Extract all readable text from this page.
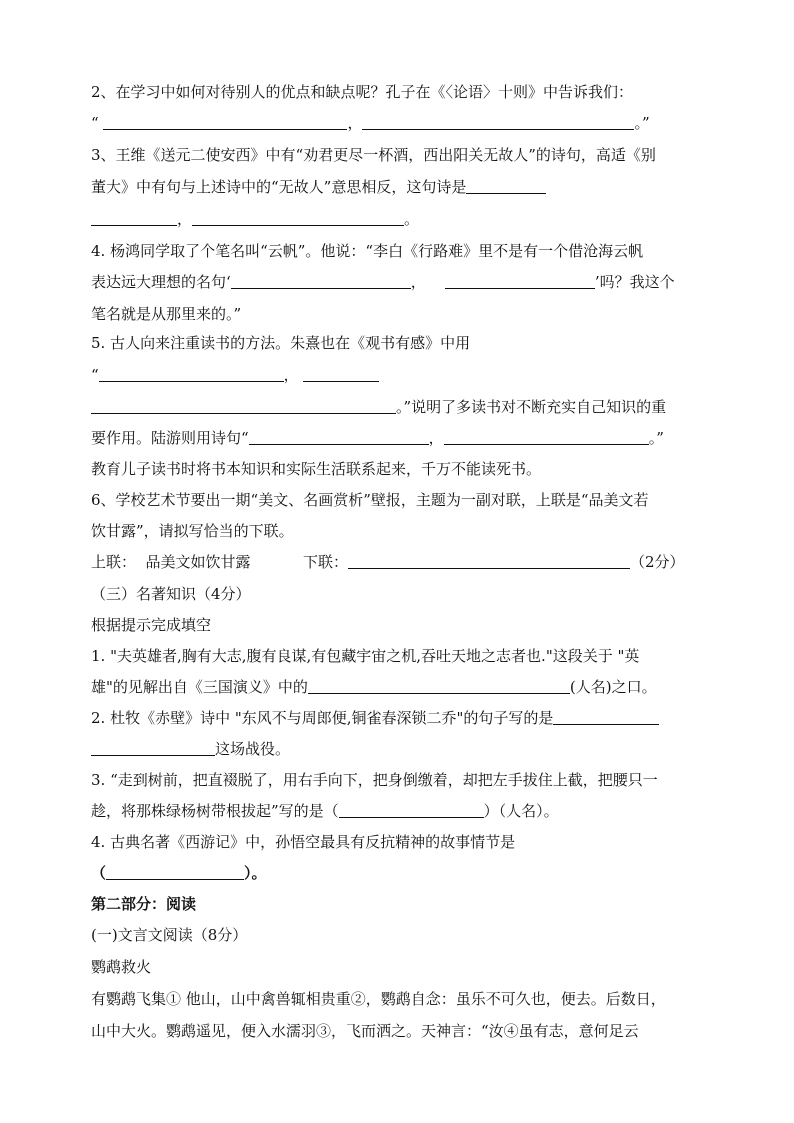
2、在学习中如何对待别人的优点和缺点呢？孔子在《〈论语〉十则》中告诉我们：
“	，	。”
3、王维《送元二使安西》中有“劝君更尽一杯酒，西出阳关无故人”的诗句，高适《别
董大》中有句与上述诗中的“无故人”意思相反，这句诗是
，	。
4. 杨鸿同学取了个笔名叫“云帆”。他说：“李白《行路难》里不是有一个借沧海云帆
表达远大理想的名句‘	，	’吗？我这个
笔名就是从那里来的。”
5. 古人向来注重读书的方法。朱熹也在《观书有感》中用
“	，
。”说明了多读书对不断充实自己知识的重
要作用。陆游则用诗句“	，	。”
教育儿子读书时将书本知识和实际生活联系起来，千万不能读死书。
6、学校艺术节要出一期“美文、名画赏析”壁报，主题为一副对联，上联是“品美文若
饮甘露”，请拟写恰当的下联。
上联：  品美文如饮甘露	下联：	（2分）
（三）名著知识（4分）
根据提示完成填空
1. "夫英雄者,胸有大志,腹有良谋,有包藏宇宙之机,吞吐天地之志者也."这段关于 "英
雄"的见解出自《三国演义》中的	(人名)之口。
2. 杜牧《赤壁》诗中 "东风不与周郎便,铜雀春深锁二乔"的句子写的是
这场战役。
3. “走到树前，把直裰脱了，用右手向下，把身倒缴着，却把左手拔住上截，把腰只一
趁，将那株绿杨树带根拔起”写的是（	）（人名）。
4. 古典名著《西游记》中，孙悟空最具有反抗精神的故事情节是
（	）。
第二部分：阅读
(一)文言文阅读（8分）
鹦鹉救火
有鹦鹉飞集① 他山，山中禽兽辄相贵重②，鹦鹉自念：虽乐不可久也，便去。后数日，
山中大火。鹦鹉遥见，便入水濡羽③，飞而洒之。天神言：“汝④虽有志，意何足云
